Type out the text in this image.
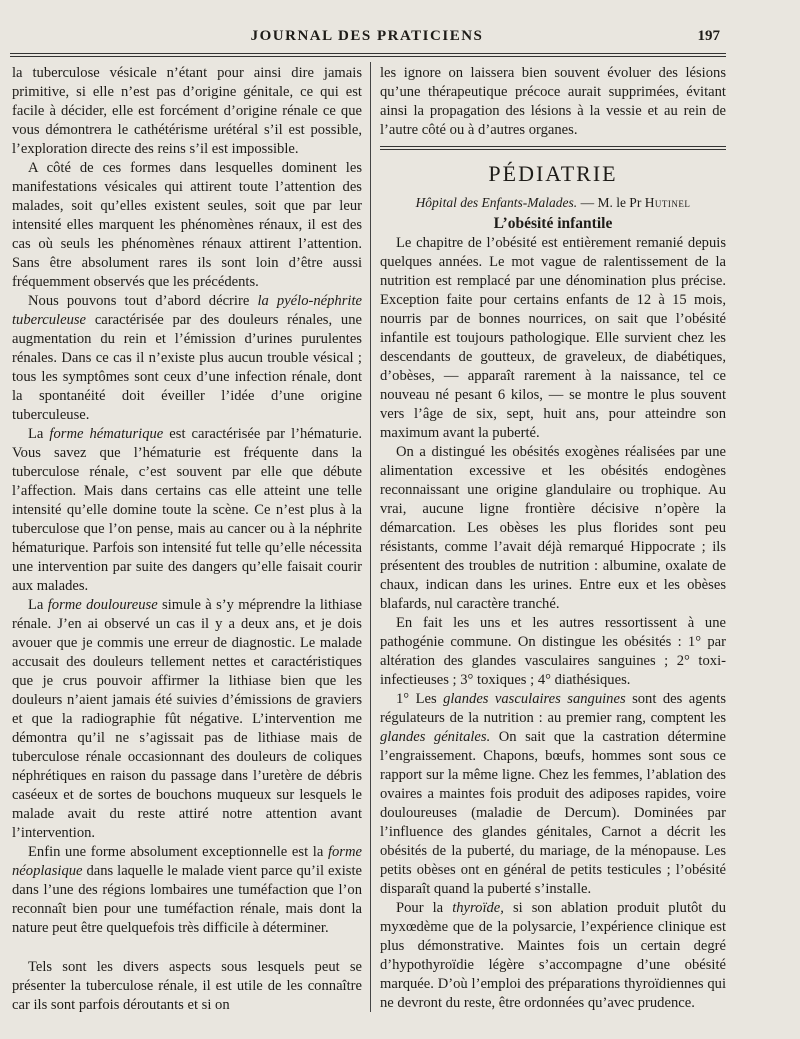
JOURNAL DES PRATICIENS	197

la tuberculose vésicale n’étant pour ainsi dire jamais primitive, si elle n’est pas d’origine génitale, ce qui est facile à décider, elle est forcément d’origine rénale ce que vous démontrera le cathétérisme urétéral s’il est possible, l’exploration directe des reins s’il est impossible.

A côté de ces formes dans lesquelles dominent les manifestations vésicales qui attirent toute l’attention des malades, soit qu’elles existent seules, soit que par leur intensité elles marquent les phénomènes rénaux, il est des cas où seuls les phénomènes rénaux attirent l’attention. Sans être absolument rares ils sont loin d’être aussi fréquemment observés que les précédents.

Nous pouvons tout d’abord décrire la pyélo-néphrite tuberculeuse caractérisée par des douleurs rénales, une augmentation du rein et l’émission d’urines purulentes rénales. Dans ce cas il n’existe plus aucun trouble vésical ; tous les symptômes sont ceux d’une infection rénale, dont la spontanéité doit éveiller l’idée d’une origine tuberculeuse.

La forme hématurique est caractérisée par l’hématurie. Vous savez que l’hématurie est fréquente dans la tuberculose rénale, c’est souvent par elle que débute l’affection. Mais dans certains cas elle atteint une telle intensité qu’elle domine toute la scène. Ce n’est plus à la tuberculose que l’on pense, mais au cancer ou à la néphrite hématurique. Parfois son intensité fut telle qu’elle nécessita une intervention par suite des dangers qu’elle faisait courir aux malades.

La forme douloureuse simule à s’y méprendre la lithiase rénale. J’en ai observé un cas il y a deux ans, et je dois avouer que je commis une erreur de diagnostic. Le malade accusait des douleurs tellement nettes et caractéristiques que je crus pouvoir affirmer la lithiase bien que les douleurs n’aient jamais été suivies d’émissions de graviers et que la radiographie fût négative. L’intervention me démontra qu’il ne s’agissait pas de lithiase mais de tuberculose rénale occasionnant des douleurs de coliques néphrétiques en raison du passage dans l’uretère de débris caséeux et de sortes de bouchons muqueux sur lesquels le malade avait du reste attiré notre attention avant l’intervention.

Enfin une forme absolument exceptionnelle est la forme néoplasique dans laquelle le malade vient parce qu’il existe dans l’une des régions lombaires une tuméfaction que l’on reconnaît bien pour une tuméfaction rénale, mais dont la nature peut être quelquefois très difficile à déterminer.

Tels sont les divers aspects sous lesquels peut se présenter la tuberculose rénale, il est utile de les connaître car ils sont parfois déroutants et si on

les ignore on laissera bien souvent évoluer des lésions qu’une thérapeutique précoce aurait supprimées, évitant ainsi la propagation des lésions à la vessie et au rein de l’autre côté ou à d’autres organes.

PÉDIATRIE
Hôpital des Enfants-Malades. — M. le Pr Hutinel
L’obésité infantile

Le chapitre de l’obésité est entièrement remanié depuis quelques années. Le mot vague de ralentissement de la nutrition est remplacé par une dénomination plus précise. Exception faite pour certains enfants de 12 à 15 mois, nourris par de bonnes nourrices, on sait que l’obésité infantile est toujours pathologique. Elle survient chez les descendants de goutteux, de graveleux, de diabétiques, d’obèses, — apparaît rarement à la naissance, tel ce nouveau né pesant 6 kilos, — se montre le plus souvent vers l’âge de six, sept, huit ans, pour atteindre son maximum avant la puberté.

On a distingué les obésités exogènes réalisées par une alimentation excessive et les obésités endogènes reconnaissant une origine glandulaire ou trophique. Au vrai, aucune ligne frontière décisive n’opère la démarcation. Les obèses les plus florides sont peu résistants, comme l’avait déjà remarqué Hippocrate ; ils présentent des troubles de nutrition : albumine, oxalate de chaux, indican dans les urines. Entre eux et les obèses blafards, nul caractère tranché.

En fait les uns et les autres ressortissent à une pathogénie commune. On distingue les obésités : 1° par altération des glandes vasculaires sanguines ; 2° toxi-infectieuses ; 3° toxiques ; 4° diathésiques.

1° Les glandes vasculaires sanguines sont des agents régulateurs de la nutrition : au premier rang, comptent les glandes génitales. On sait que la castration détermine l’engraissement. Chapons, bœufs, hommes sont sous ce rapport sur la même ligne. Chez les femmes, l’ablation des ovaires a maintes fois produit des adiposes rapides, voire douloureuses (maladie de Dercum). Dominées par l’influence des glandes génitales, Carnot a décrit les obésités de la puberté, du mariage, de la ménopause. Les petits obèses ont en général de petits testicules ; l’obésité disparaît quand la puberté s’installe.

Pour la thyroïde, si son ablation produit plutôt du myxœdème que de la polysarcie, l’expérience clinique est plus démonstrative. Maintes fois un certain degré d’hypothyroïdie légère s’accompagne d’une obésité marquée. D’où l’emploi des préparations thyroïdiennes qui ne devront du reste, être ordonnées qu’avec prudence.
